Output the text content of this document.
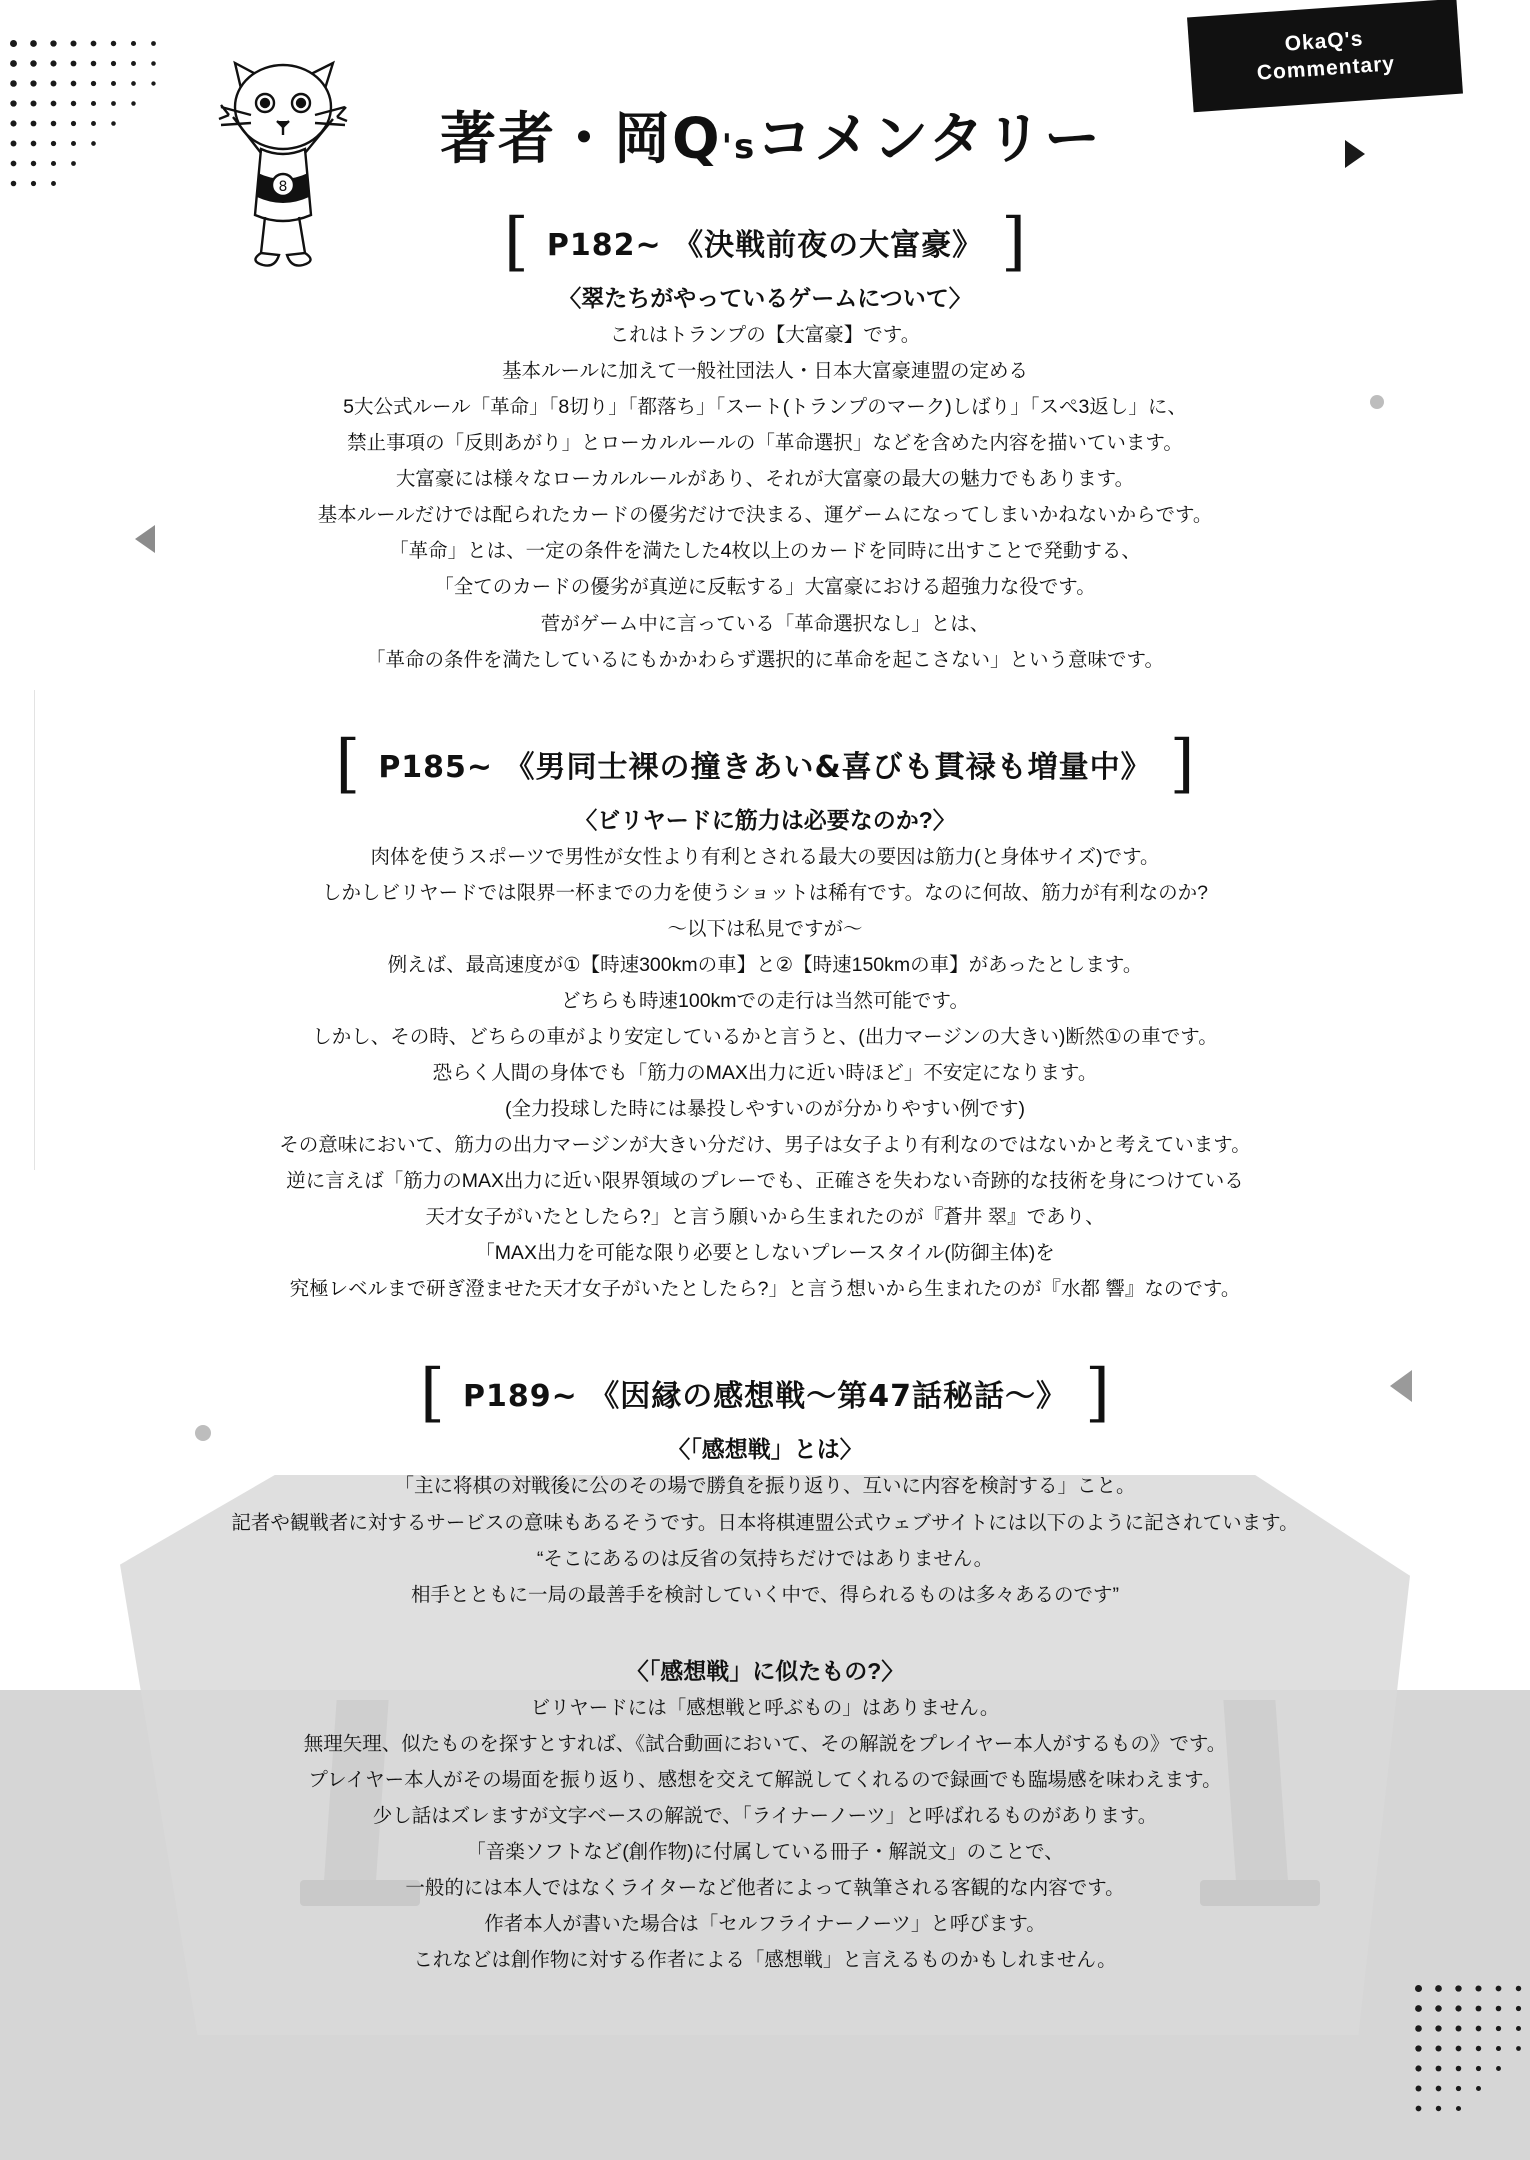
8
OkaQ's
Commentary
著者・岡Q'sコメンタリー
[ P182~ 《決戦前夜の大富豪》 ]
〈翠たちがやっているゲームについて〉
これはトランプの【大富豪】です。
基本ルールに加えて一般社団法人・日本大富豪連盟の定める
5大公式ルール「革命」「8切り」「都落ち」「スート(トランプのマーク)しばり」「スぺ3返し」に、
禁止事項の「反則あがり」とローカルルールの「革命選択」などを含めた内容を描いています。
大富豪には様々なローカルルールがあり、それが大富豪の最大の魅力でもあります。
基本ルールだけでは配られたカードの優劣だけで決まる、運ゲームになってしまいかねないからです。
「革命」とは、一定の条件を満たした4枚以上のカードを同時に出すことで発動する、
「全てのカードの優劣が真逆に反転する」大富豪における超強力な役です。
菅がゲーム中に言っている「革命選択なし」とは、
「革命の条件を満たしているにもかかわらず選択的に革命を起こさない」という意味です。
[ P185~ 《男同士裸の撞きあい&喜びも貫禄も増量中》 ]
〈ビリヤードに筋力は必要なのか?〉
肉体を使うスポーツで男性が女性より有利とされる最大の要因は筋力(と身体サイズ)です。
しかしビリヤードでは限界一杯までの力を使うショットは稀有です。なのに何故、筋力が有利なのか?
〜以下は私見ですが〜
例えば、最高速度が①【時速300kmの車】と②【時速150kmの車】があったとします。
どちらも時速100kmでの走行は当然可能です。
しかし、その時、どちらの車がより安定しているかと言うと、(出力マージンの大きい)断然①の車です。
恐らく人間の身体でも「筋力のMAX出力に近い時ほど」不安定になります。
(全力投球した時には暴投しやすいのが分かりやすい例です)
その意味において、筋力の出力マージンが大きい分だけ、男子は女子より有利なのではないかと考えています。
逆に言えば「筋力のMAX出力に近い限界領域のプレーでも、正確さを失わない奇跡的な技術を身につけている
天才女子がいたとしたら?」と言う願いから生まれたのが『蒼井 翠』であり、
「MAX出力を可能な限り必要としないプレースタイル(防御主体)を
究極レベルまで研ぎ澄ませた天才女子がいたとしたら?」と言う想いから生まれたのが『水都 響』なのです。
[ P189~ 《因縁の感想戦〜第47話秘話〜》 ]
〈「感想戦」とは〉
「主に将棋の対戦後に公のその場で勝負を振り返り、互いに内容を検討する」こと。
記者や観戦者に対するサービスの意味もあるそうです。日本将棋連盟公式ウェブサイトには以下のように記されています。
“そこにあるのは反省の気持ちだけではありません。
相手とともに一局の最善手を検討していく中で、得られるものは多々あるのです”
〈「感想戦」に似たもの?〉
ビリヤードには「感想戦と呼ぶもの」はありません。
無理矢理、似たものを探すとすれば、《試合動画において、その解説をプレイヤー本人がするもの》です。
プレイヤー本人がその場面を振り返り、感想を交えて解説してくれるので録画でも臨場感を味わえます。
少し話はズレますが文字ベースの解説で、「ライナーノーツ」と呼ばれるものがあります。
「音楽ソフトなど(創作物)に付属している冊子・解説文」のことで、
一般的には本人ではなくライターなど他者によって執筆される客観的な内容です。
作者本人が書いた場合は「セルフライナーノーツ」と呼びます。
これなどは創作物に対する作者による「感想戦」と言えるものかもしれません。
